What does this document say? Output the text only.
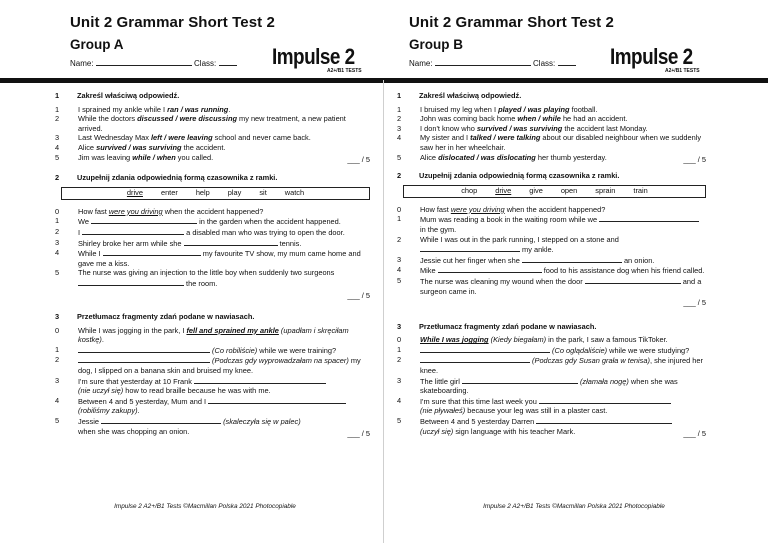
Unit 2 Grammar Short Test 2
Group A
Name:	Class:	Impulse 2
A2+/B1 TESTS
1	Zakreśl właściwą odpowiedź.
1	I sprained my ankle while I ran / was running.
2	While the doctors discussed / were discussing my new treatment, a new patient arrived.
3	Last Wednesday Max left / were leaving school and never came back.
4	Alice survived / was surviving the accident.
5	Jim was leaving while / when you called.	___ / 5
2	Uzupełnij zdania odpowiednią formą czasownika z ramki.
drive enter help play sit watch
0	How fast were you driving when the accident happened?
1	We	in the garden when the accident happened.
2	I	a disabled man who was trying to open the door.
3	Shirley broke her arm while she	tennis.
4	While I	my favourite TV show, my mum came home and gave me a kiss.
5	The nurse was giving an injection to the little boy when suddenly two surgeons  the room.

___ / 5
3	Przetłumacz fragmenty zdań podane w nawiasach.
0	While I was jogging in the park, I fell and sprained my ankle (upadłam i skręciłam kostkę).
1	(Co robiliście) while we were training?
2	(Podczas gdy wyprowadzałam na spacer) my dog, I slipped on a banana skin and bruised my knee.
3	I'm sure that yesterday at 10 Frank
(nie uczył się) how to read braille because he was with me.
4	Between 4 and 5 yesterday, Mum and I
(robiliśmy zakupy).
5	Jessie	(skaleczyła się w palec)
when she was chopping an onion.	___ / 5
Impulse 2 A2+/B1 Tests ©Macmillan Polska 2021 Photocopiable
Unit 2 Grammar Short Test 2
Group B
Name:	Class:	Impulse 2
A2+/B1 TESTS
1	Zakreśl właściwą odpowiedź.
1	I bruised my leg when I played / was playing football.
2	John was coming back home when / while he had an accident.
3	I don't know who survived / was surviving the accident last Monday.
4	My sister and I talked / were talking about our disabled neighbour when we suddenly saw her in her wheelchair.
5	Alice dislocated / was dislocating her thumb yesterday.	___ / 5
2	Uzupełnij zdania odpowiednią formą czasownika z ramki.
chop drive give open sprain train
0	How fast were you driving when the accident happened?
1	Mum was reading a book in the waiting room while we  in the gym.
2	While I was out in the park running, I stepped on a stone and  my ankle.
3	Jessie cut her finger when she	an onion.
4	Mike	food to his assistance dog when his friend called.
5	The nurse was cleaning my wound when the door	and a surgeon came in.

___ / 5
3	Przetłumacz fragmenty zdań podane w nawiasach.
0	While I was jogging (Kiedy biegałam) in the park, I saw a famous TikToker.
1	(Co oglądaliście) while we were studying?
2	(Podczas gdy Susan grała w tenisa), she injured her knee.
3	The little girl	(złamała nogę) when she was skateboarding.
4	I'm sure that this time last week you
(nie pływałeś) because your leg was still in a plaster cast.
5	Between 4 and 5 yesterday Darren
(uczył się) sign language with his teacher Mark.	___ / 5
Impulse 2 A2+/B1 Tests ©Macmillan Polska 2021 Photocopiable
